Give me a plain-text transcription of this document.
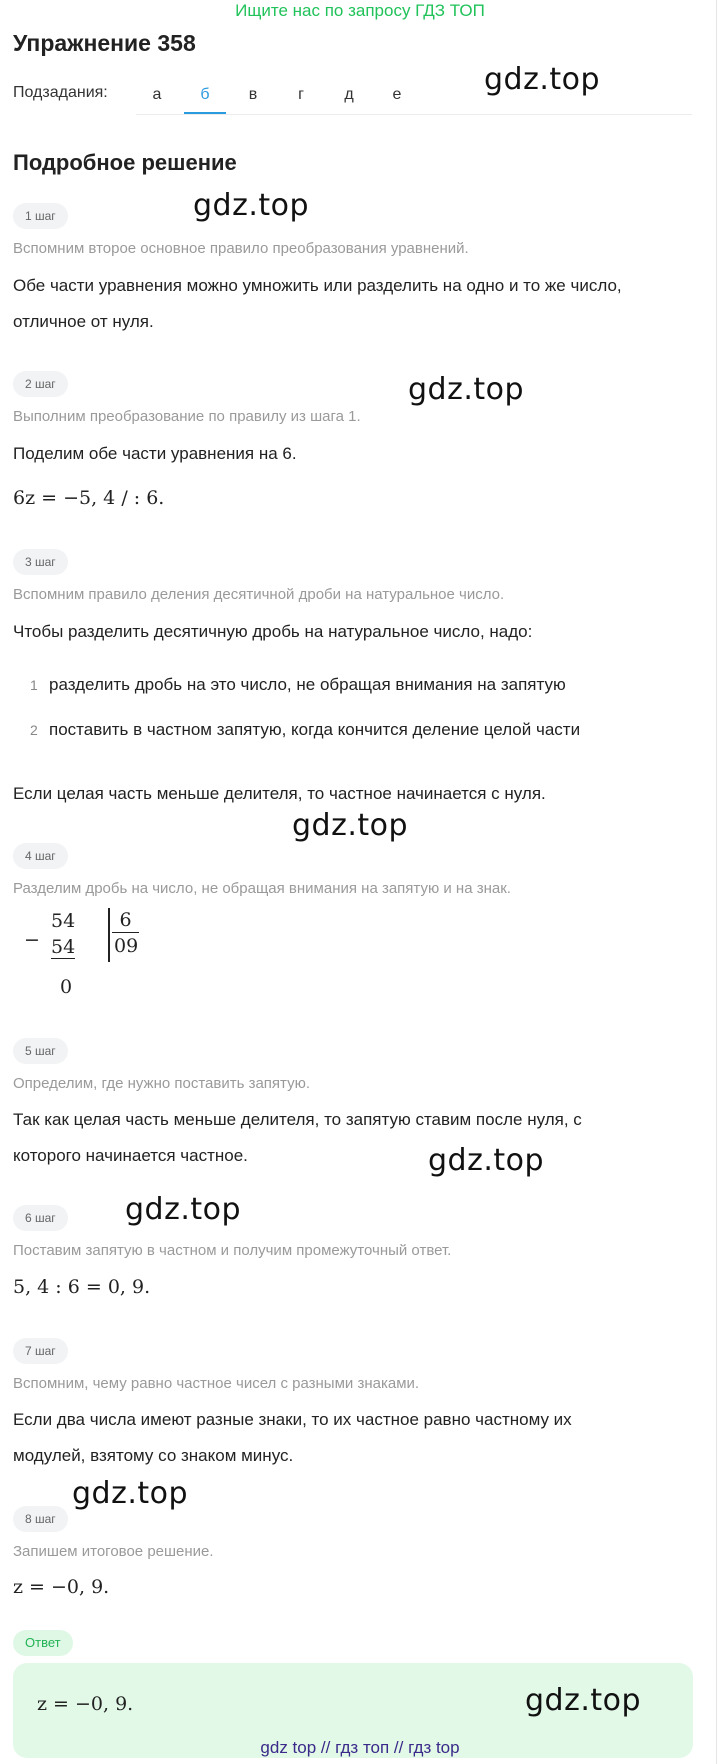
Ищите нас по запросу ГДЗ ТОП
Упражнение 358
Подзадания:	а	б	в	г	д	е	gdz.top
Подробное решение
1 шаг	gdz.top
Вспомним второе основное правило преобразования уравнений.
Обе части уравнения можно умножить или разделить на одно и то же число,
отличное от нуля.
2 шаг	gdz.top
Выполним преобразование по правилу из шага 1.
Поделим обе части уравнения на 6.
6z = −5, 4 / : 6.
3 шаг
Вспомним правило деления десятичной дроби на натуральное число.
Чтобы разделить десятичную дробь на натуральное число, надо:
1 разделить дробь на это число, не обращая внимания на запятую
2 поставить в частном запятую, когда кончится деление целой части
Если целая часть меньше делителя, то частное начинается с нуля.
gdz.top
4 шаг
Разделим дробь на число, не обращая внимания на запятую и на знак.
−
54
54
0
6
09
5 шаг
Определим, где нужно поставить запятую.
Так как целая часть меньше делителя, то запятую ставим после нуля, с
которого начинается частное.	gdz.top
gdz.top
6 шаг
Поставим запятую в частном и получим промежуточный ответ.
5, 4 : 6 = 0, 9.
7 шаг
Вспомним, чему равно частное чисел с разными знаками.
Если два числа имеют разные знаки, то их частное равно частному их
модулей, взятому со знаком минус.
gdz.top
8 шаг
Запишем итоговое решение.
z = −0, 9.
Ответ
z = −0, 9.	gdz.top
gdz top // гдз топ // гдз top
